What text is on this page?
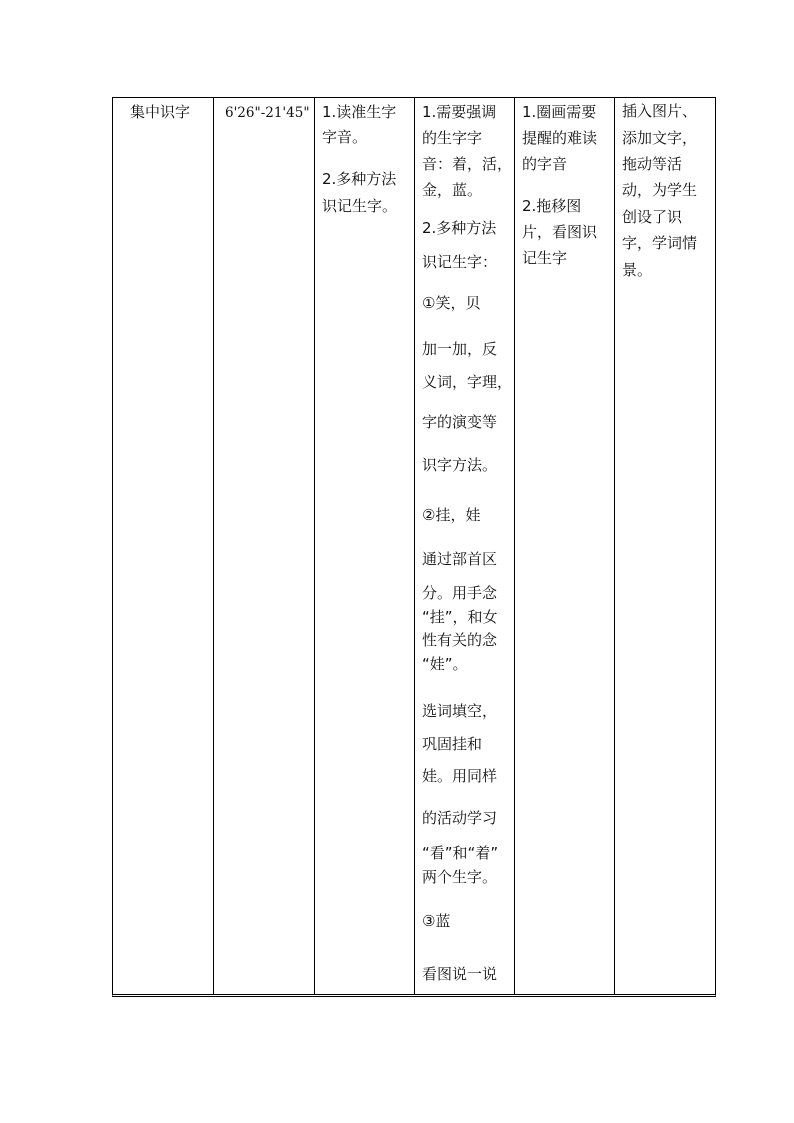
集中识字	6'26"-21'45" 1.读准生字
字音。
2.多种方法
识记生字。
1.需要强调
的生字字
音：着，活，
金，蓝。
2.多种方法
识记生字：
①笑，贝
加一加，反
义词，字理，
字的演变等
识字方法。
②挂，娃
通过部首区
分。用手念
“挂”，和女
性有关的念
“娃”。
选词填空，
巩固挂和
娃。用同样
的活动学习
“看”和“着”
两个生字。
③蓝
看图说一说
1.圈画需要
提醒的难读
的字音
2.拖移图
片，看图识
记生字
插入图片、
添加文字，
拖动等活
动，为学生
创设了识
字，学词情
景。
